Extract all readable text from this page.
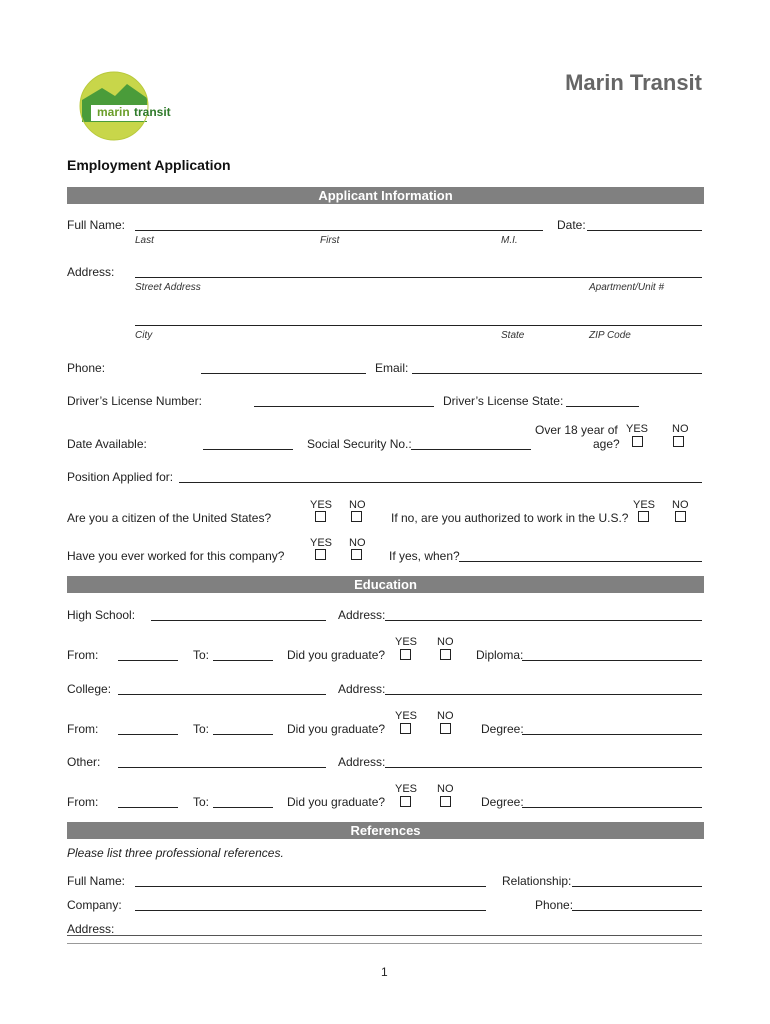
marin transit
Marin Transit
Employment Application
Applicant Information
Full Name:	Date:
Last	First	M.I.
Address:
Street Address	Apartment/Unit #
City	State	ZIP Code
Phone:	Email:
Driver’s License Number:	Driver’s License State:
Date Available:	Social Security No.:
Over 18 year of
age?
YES NO
Position Applied for:
YES NO
Are you a citizen of the United States?
YES NO
If no, are you authorized to work in the U.S.?
YES NO
Have you ever worked for this company?	If yes, when?
Education
High School:	Address:
YES NO
From:	To:	Did you graduate?	Diploma:
College:	Address:
YES NO
From:	To:	Did you graduate?	Degree:
Other:	Address:
YES NO
From:	To:	Did you graduate?	Degree:
References
Please list three professional references.
Full Name:	Relationship:
Company:	Phone:
Address:
1
